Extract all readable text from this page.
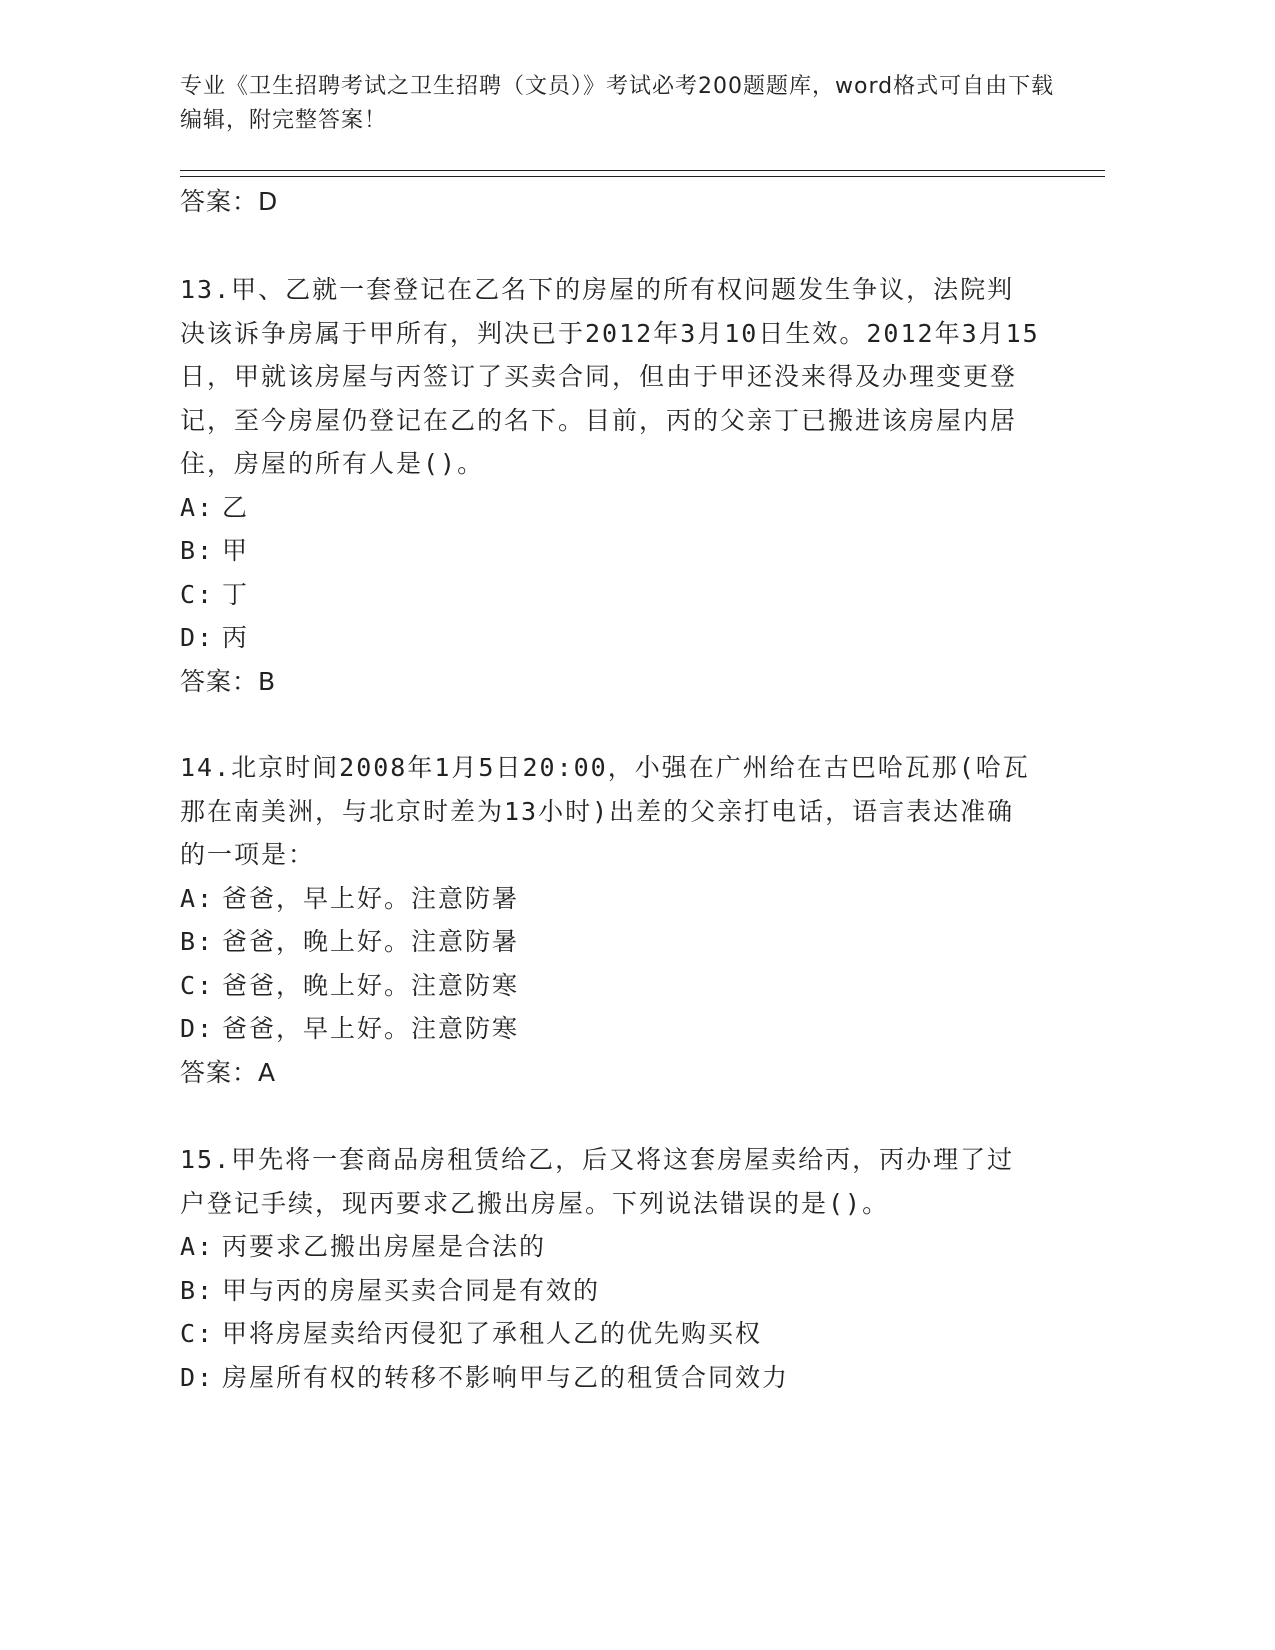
专业《卫生招聘考试之卫生招聘（文员）》考试必考200题题库，word格式可自由下载编辑，附完整答案！

答案：D

13.甲、乙就一套登记在乙名下的房屋的所有权问题发生争议，法院判决该诉争房属于甲所有，判决已于2012年3月10日生效。2012年3月15日，甲就该房屋与丙签订了买卖合同，但由于甲还没来得及办理变更登记，至今房屋仍登记在乙的名下。目前，丙的父亲丁已搬进该房屋内居住，房屋的所有人是()。

A: 乙
B: 甲
C: 丁
D: 丙

答案：B

14.北京时间2008年1月5日20:00，小强在广州给在古巴哈瓦那(哈瓦那在南美洲，与北京时差为13小时)出差的父亲打电话，语言表达准确的一项是：

A: 爸爸，早上好。注意防暑
B: 爸爸，晚上好。注意防暑
C: 爸爸，晚上好。注意防寒
D: 爸爸，早上好。注意防寒

答案：A

15.甲先将一套商品房租赁给乙，后又将这套房屋卖给丙，丙办理了过户登记手续，现丙要求乙搬出房屋。下列说法错误的是()。

A: 丙要求乙搬出房屋是合法的
B: 甲与丙的房屋买卖合同是有效的
C: 甲将房屋卖给丙侵犯了承租人乙的优先购买权
D: 房屋所有权的转移不影响甲与乙的租赁合同效力
